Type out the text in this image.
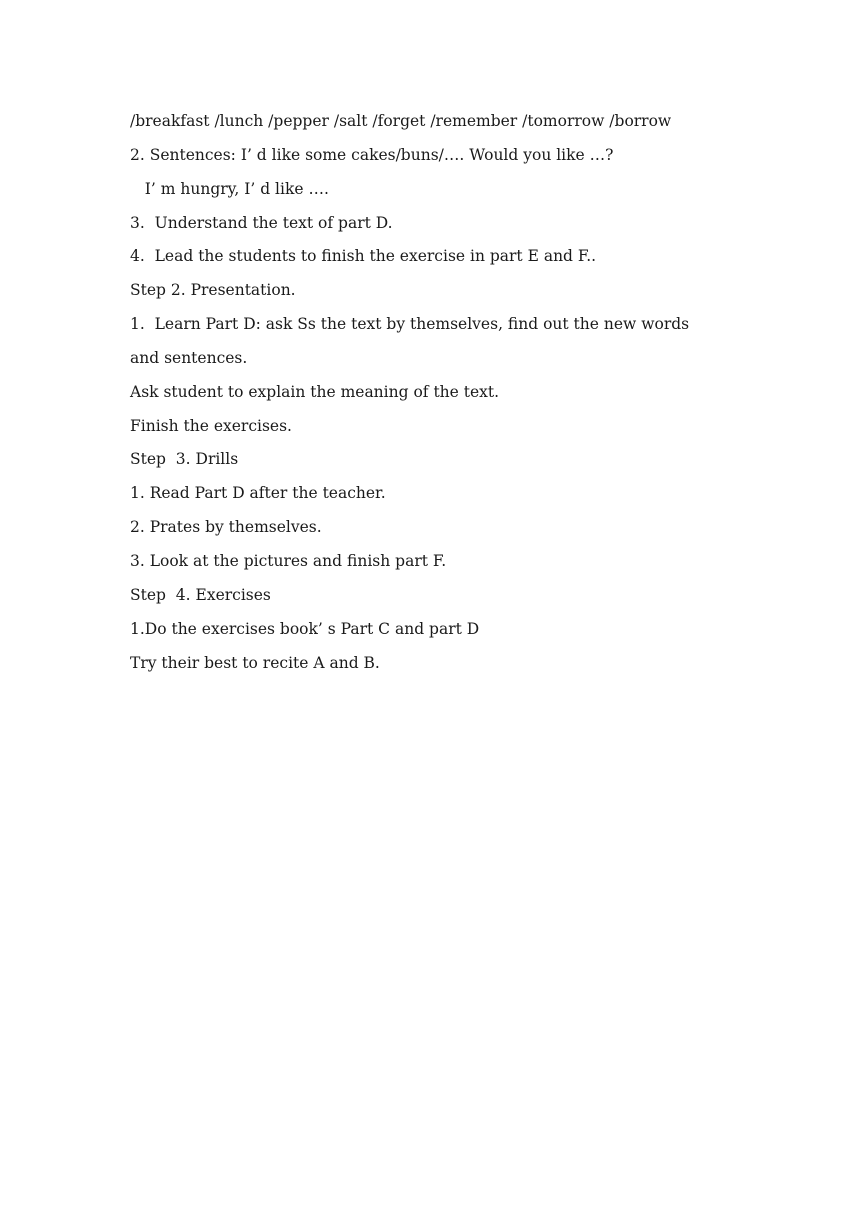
/breakfast /lunch /pepper /salt /forget /remember /tomorrow /borrow
2. Sentences: I’ d like some cakes/buns/…. Would you like …?
I’ m hungry, I’ d like ….
3.  Understand the text of part D.
4.  Lead the students to finish the exercise in part E and F..
Step 2. Presentation.
1.  Learn Part D: ask Ss the text by themselves, find out the new words
and sentences.
Ask student to explain the meaning of the text.
Finish the exercises.
Step  3. Drills
1. Read Part D after the teacher.
2. Prates by themselves.
3. Look at the pictures and finish part F.
Step  4. Exercises
1.Do the exercises book’ s Part C and part D
Try their best to recite A and B.
